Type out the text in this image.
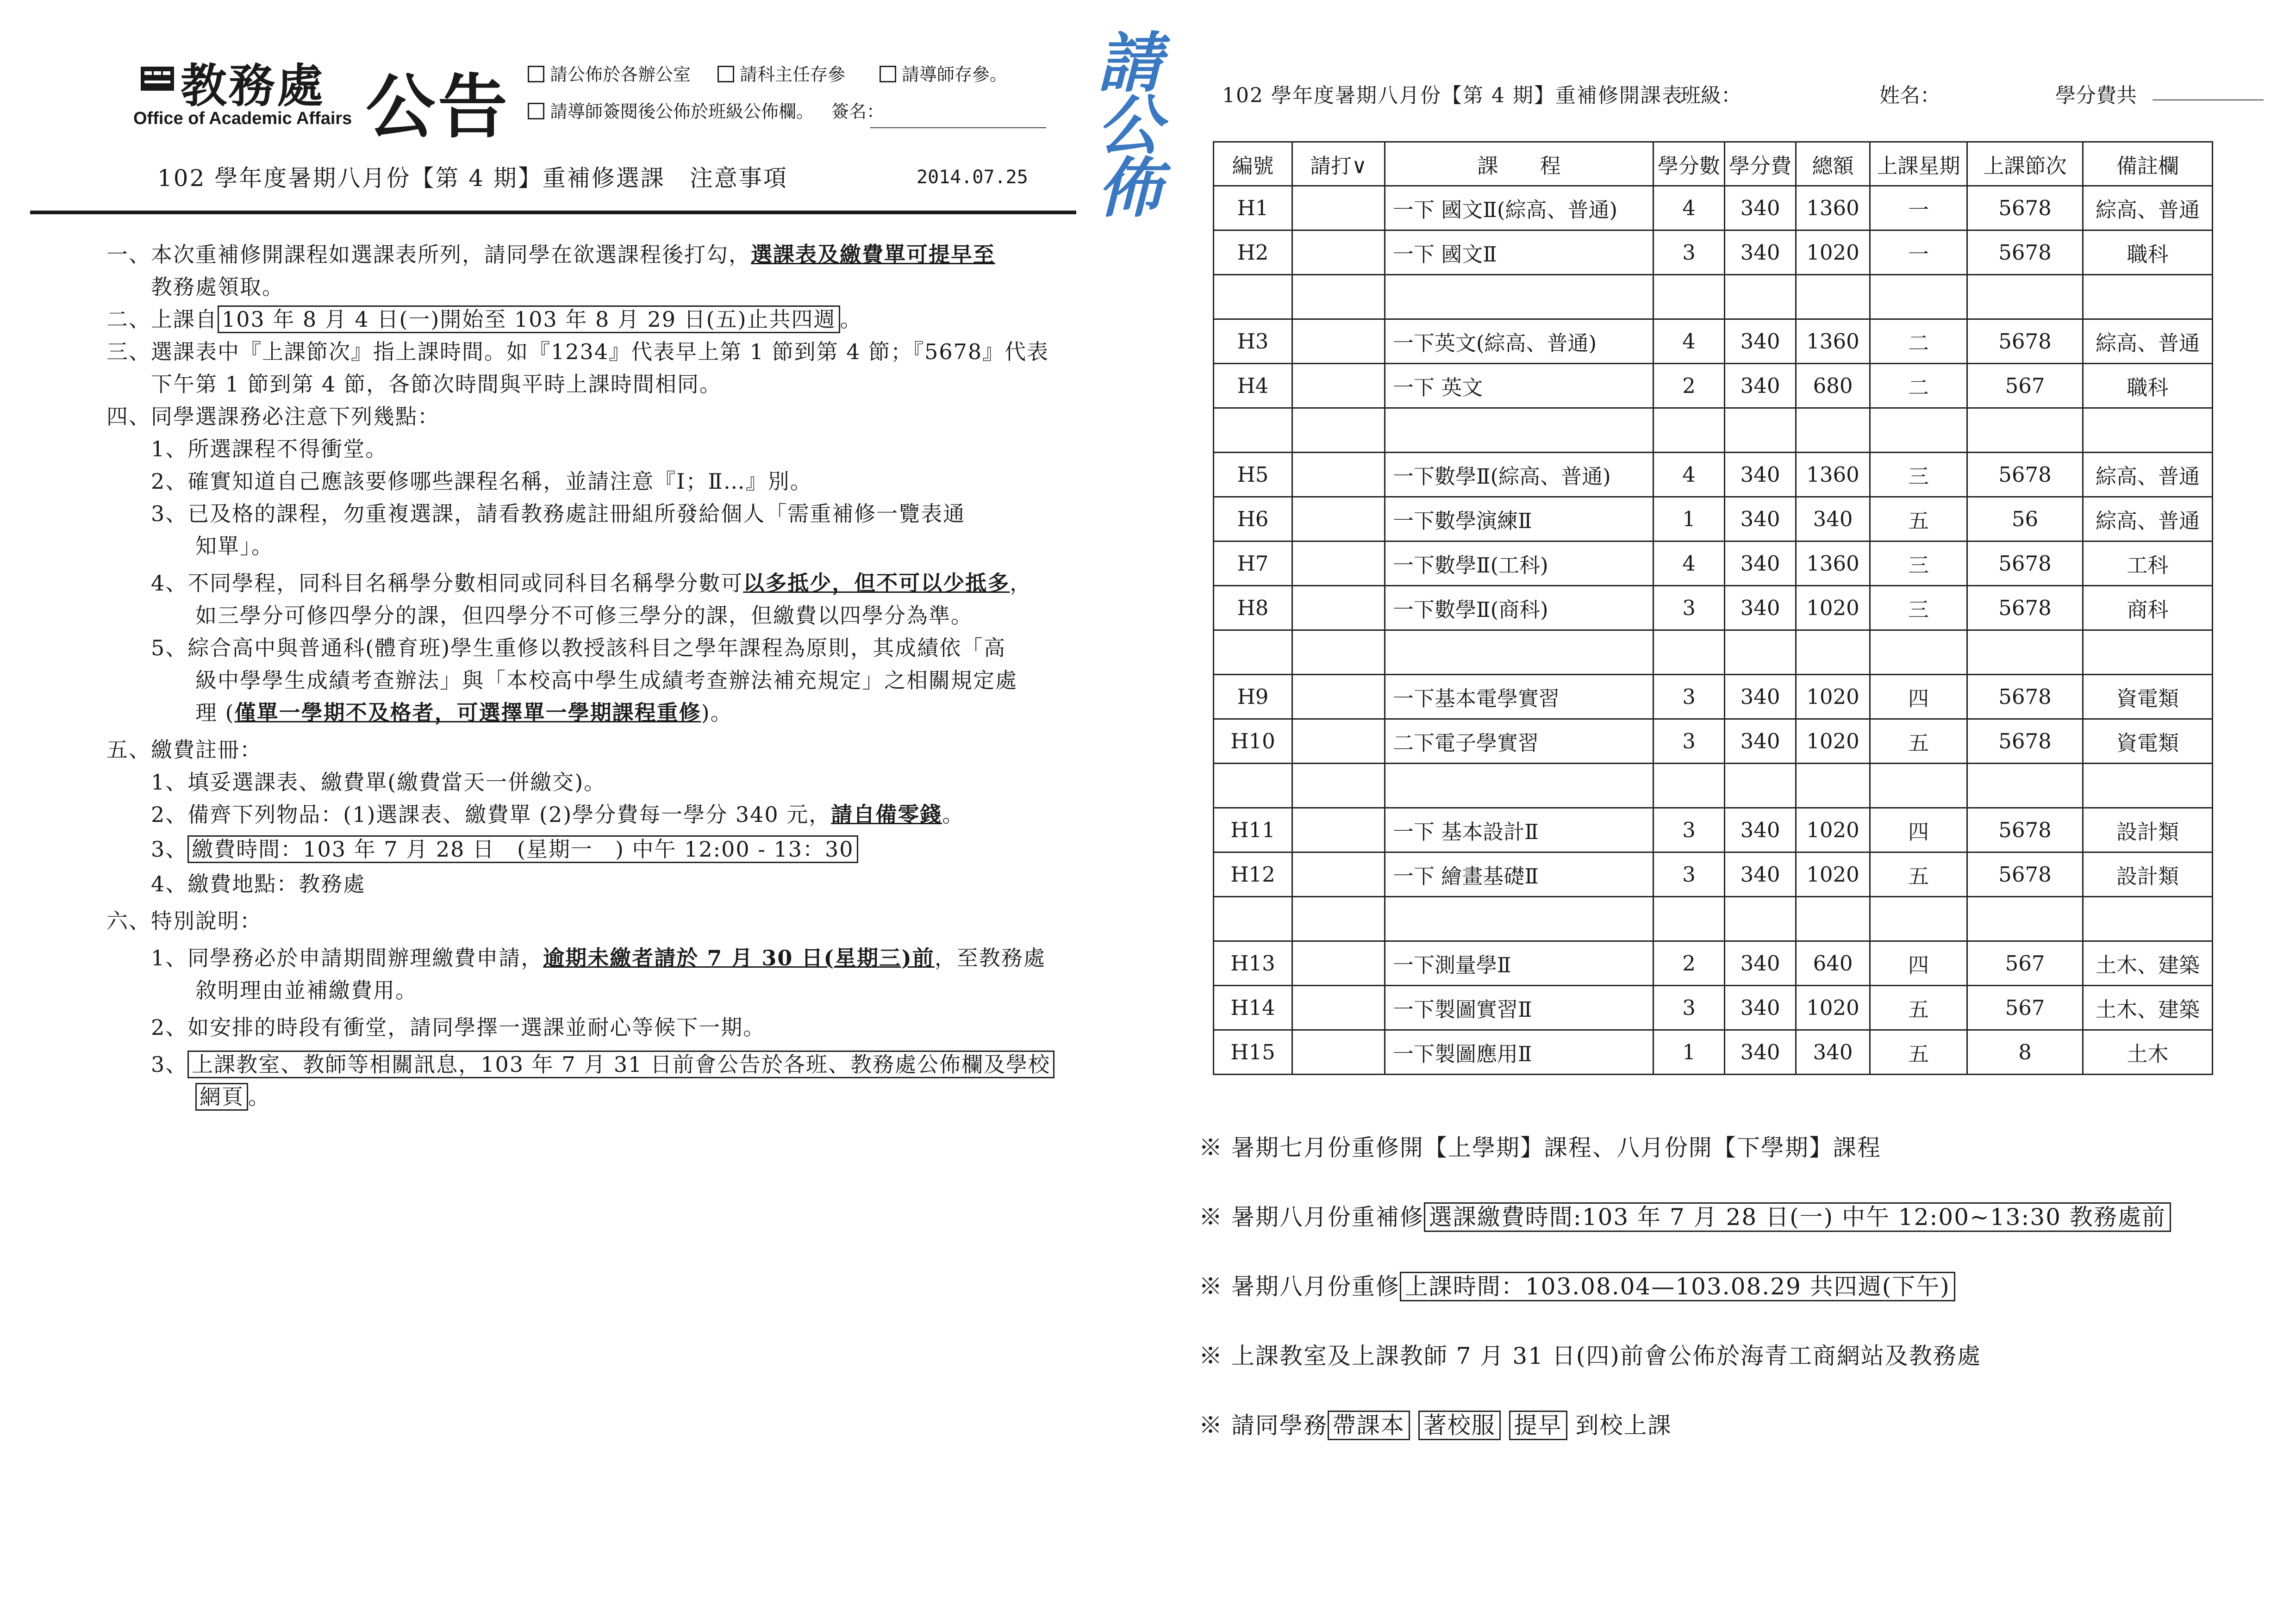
教務處
Office of Academic Affairs 公告	請公佈於各辦公室	請科主任存參	請導師存參。
請導師簽閱後公佈於班級公佈欄。  簽名：
請公佈
102 學年度暑期八月份【第 4 期】重補修選課　注意事項	2014.07.25
一、本次重補修開課程如選課表所列，請同學在欲選課程後打勾，選課表及繳費單可提早至
　　教務處領取。
二、上課自 103 年 8 月 4 日(一)開始至 103 年 8 月 29 日(五)止共四週 。
三、選課表中『上課節次』指上課時間。如『1234』代表早上第 1 節到第 4 節；『5678』代表
　　下午第 1 節到第 4 節，各節次時間與平時上課時間相同。
四、同學選課務必注意下列幾點：
　　1、所選課程不得衝堂。
　　2、確實知道自己應該要修哪些課程名稱，並請注意『Ⅰ；Ⅱ…』別。
　　3、已及格的課程，勿重複選課，請看教務處註冊組所發給個人「需重補修一覽表通
　　　　知單」。
　　4、不同學程，同科目名稱學分數相同或同科目名稱學分數可以多抵少，但不可以少抵多，
　　　　如三學分可修四學分的課，但四學分不可修三學分的課，但繳費以四學分為準。
　　5、綜合高中與普通科(體育班)學生重修以教授該科目之學年課程為原則，其成績依「高
　　　　級中學學生成績考查辦法」與「本校高中學生成績考查辦法補充規定」之相關規定處
　　　　理 (僅單一學期不及格者，可選擇單一學期課程重修)。
五、繳費註冊：
　　1、填妥選課表、繳費單(繳費當天一併繳交)。
　　2、備齊下列物品：(1)選課表、繳費單 (2)學分費每一學分 340 元，請自備零錢。
　　3、 繳費時間：103 年 7 月 28 日　(星期一　) 中午 12:00 - 13：30
　　4、繳費地點：教務處
六、特別說明：
　　1、同學務必於申請期間辦理繳費申請，逾期未繳者請於 7 月 30 日(星期三)前，至教務處
　　　　敘明理由並補繳費用。
　　2、如安排的時段有衝堂，請同學擇一選課並耐心等候下一期。
　　3、 上課教室、教師等相關訊息，103 年 7 月 31 日前會公告於各班、教務處公佈欄及學校
　　　　網頁 。
102 學年度暑期八月份【第 4 期】重補修開課表
班級：	姓名：	學分費共
編號	請打∨	課　　程	學分數	學分費	總額	上課星期	上課節次	備註欄
H1		一下 國文Ⅱ(綜高、普通)	4	340	1360	一	5678	綜高、普通
H2		一下 國文Ⅱ	3	340	1020	一	5678	職科

H3		一下英文(綜高、普通)	4	340	1360	二	5678	綜高、普通
H4		一下 英文	2	340	680	二	567	職科

H5		一下數學Ⅱ(綜高、普通)	4	340	1360	三	5678	綜高、普通
H6		一下數學演練Ⅱ	1	340	340	五	56	綜高、普通
H7		一下數學Ⅱ(工科)	4	340	1360	三	5678	工科
H8		一下數學Ⅱ(商科)	3	340	1020	三	5678	商科

H9		一下基本電學實習	3	340	1020	四	5678	資電類
H10		二下電子學實習	3	340	1020	五	5678	資電類

H11		一下 基本設計Ⅱ	3	340	1020	四	5678	設計類
H12		一下 繪畫基礎Ⅱ	3	340	1020	五	5678	設計類

H13		一下測量學Ⅱ	2	340	640	四	567	土木、建築
H14		一下製圖實習Ⅱ	3	340	1020	五	567	土木、建築
H15		一下製圖應用Ⅱ	1	340	340	五	8	土木
※ 暑期七月份重修開【上學期】課程、八月份開【下學期】課程
※ 暑期八月份重補修 選課繳費時間:103 年 7 月 28 日(一) 中午 12:00~13:30 教務處前
※ 暑期八月份重修 上課時間：103.08.04—103.08.29 共四週(下午)
※ 上課教室及上課教師 7 月 31 日(四)前會公佈於海青工商網站及教務處
※ 請同學務 帶課本 著校服 提早 到校上課
